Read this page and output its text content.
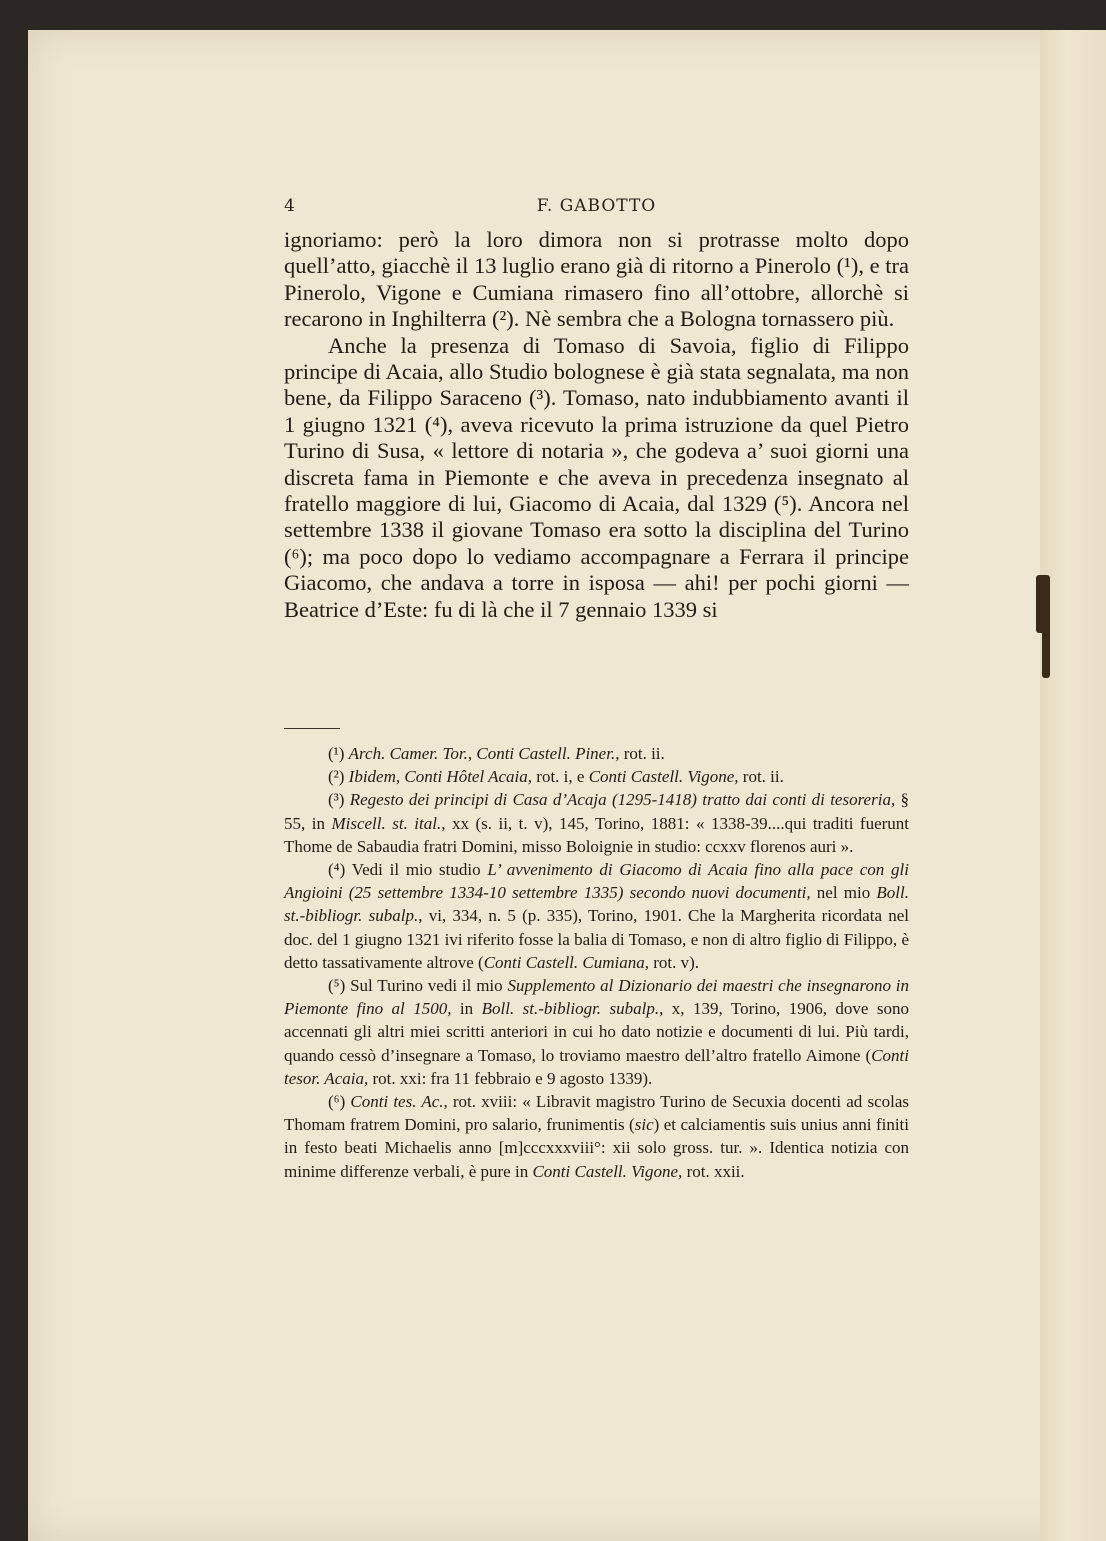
4	F. GABOTTO

ignoriamo: però la loro dimora non si protrasse molto dopo quell’atto, giacchè il 13 luglio erano già di ritorno a Pinerolo (¹), e tra Pinerolo, Vigone e Cumiana rimasero fino all’ottobre, allorchè si recarono in Inghilterra (²). Nè sembra che a Bologna tornassero più.

Anche la presenza di Tomaso di Savoia, figlio di Filippo principe di Acaia, allo Studio bolognese è già stata segnalata, ma non bene, da Filippo Saraceno (³). Tomaso, nato indubbiamento avanti il 1 giugno 1321 (⁴), aveva ricevuto la prima istruzione da quel Pietro Turino di Susa, « lettore di notaria », che godeva a’ suoi giorni una discreta fama in Piemonte e che aveva in precedenza insegnato al fratello maggiore di lui, Giacomo di Acaia, dal 1329 (⁵). Ancora nel settembre 1338 il giovane Tomaso era sotto la disciplina del Turino (⁶); ma poco dopo lo vediamo accompagnare a Ferrara il principe Giacomo, che andava a torre in isposa — ahi! per pochi giorni — Beatrice d’Este: fu di là che il 7 gennaio 1339 si

(¹) Arch. Camer. Tor., Conti Castell. Piner., rot. ii.

(²) Ibidem, Conti Hôtel Acaia, rot. i, e Conti Castell. Vigone, rot. ii.

(³) Regesto dei principi di Casa d’Acaja (1295-1418) tratto dai conti di tesoreria, § 55, in Miscell. st. ital., xx (s. ii, t. v), 145, Torino, 1881: « 1338-39....qui traditi fuerunt Thome de Sabaudia fratri Domini, misso Boloignie in studio: ccxxv florenos auri ».

(⁴) Vedi il mio studio L’ avvenimento di Giacomo di Acaia fino alla pace con gli Angioini (25 settembre 1334-10 settembre 1335) secondo nuovi documenti, nel mio Boll. st.-bibliogr. subalp., vi, 334, n. 5 (p. 335), Torino, 1901. Che la Margherita ricordata nel doc. del 1 giugno 1321 ivi riferito fosse la balia di Tomaso, e non di altro figlio di Filippo, è detto tassativamente altrove (Conti Castell. Cumiana, rot. v).

(⁵) Sul Turino vedi il mio Supplemento al Dizionario dei maestri che insegnarono in Piemonte fino al 1500, in Boll. st.-bibliogr. subalp., x, 139, Torino, 1906, dove sono accennati gli altri miei scritti anteriori in cui ho dato notizie e documenti di lui. Più tardi, quando cessò d’insegnare a Tomaso, lo troviamo maestro dell’altro fratello Aimone (Conti tesor. Acaia, rot. xxi: fra 11 febbraio e 9 agosto 1339).

(⁶) Conti tes. Ac., rot. xviii: « Libravit magistro Turino de Secuxia docenti ad scolas Thomam fratrem Domini, pro salario, frunimentis (sic) et calciamentis suis unius anni finiti in festo beati Michaelis anno [m]cccxxxviii°: xii solo gross. tur. ». Identica notizia con minime differenze verbali, è pure in Conti Castell. Vigone, rot. xxii.
